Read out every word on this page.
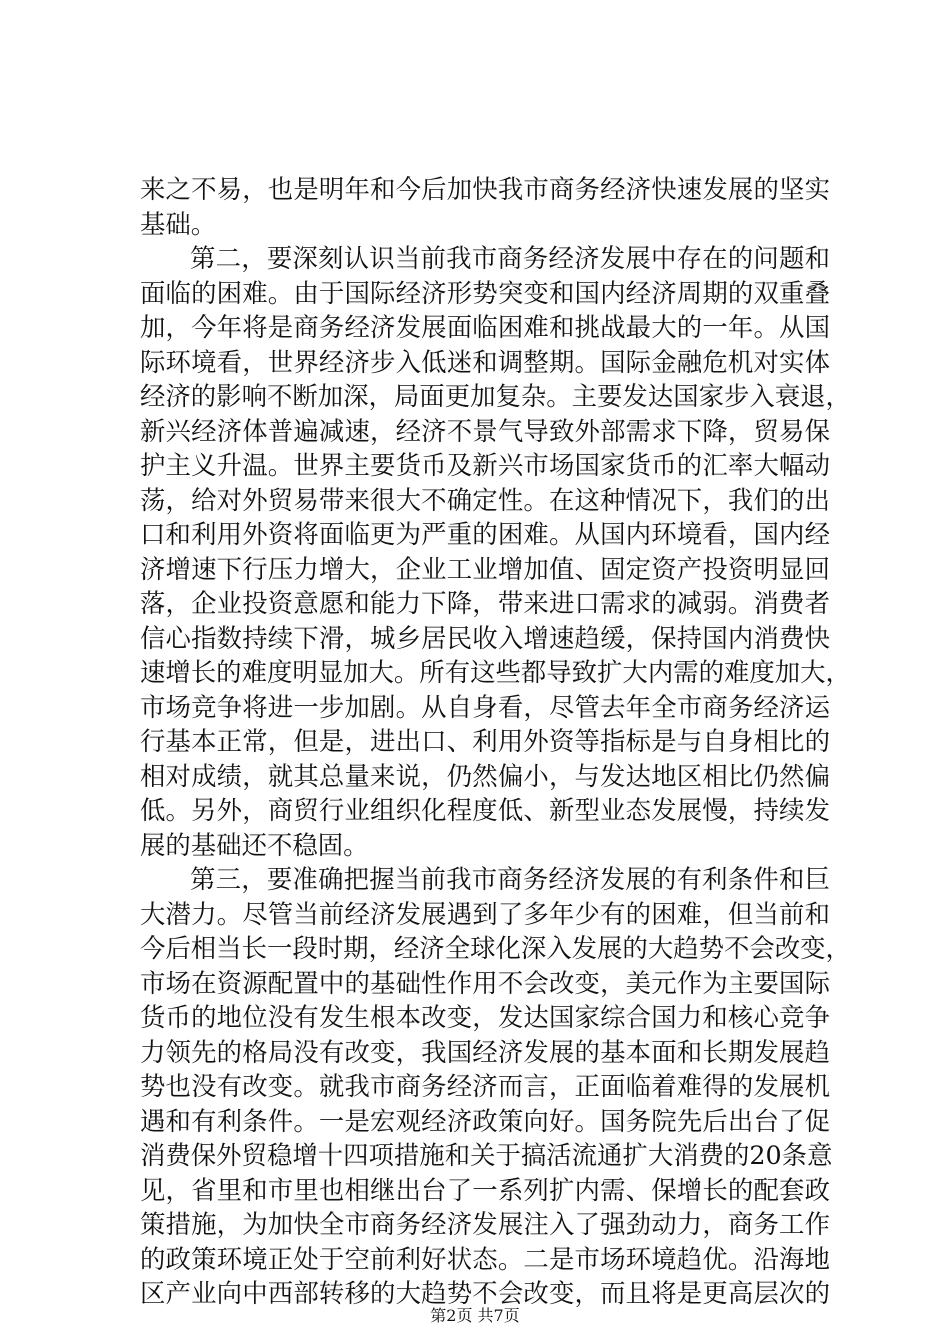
来之不易，也是明年和今后加快我市商务经济快速发展的坚实
基础。
第二，要深刻认识当前我市商务经济发展中存在的问题和
面临的困难。由于国际经济形势突变和国内经济周期的双重叠
加，今年将是商务经济发展面临困难和挑战最大的一年。从国
际环境看，世界经济步入低迷和调整期。国际金融危机对实体
经济的影响不断加深，局面更加复杂。主要发达国家步入衰退，
新兴经济体普遍减速，经济不景气导致外部需求下降，贸易保
护主义升温。世界主要货币及新兴市场国家货币的汇率大幅动
荡，给对外贸易带来很大不确定性。在这种情况下，我们的出
口和利用外资将面临更为严重的困难。从国内环境看，国内经
济增速下行压力增大，企业工业增加值、固定资产投资明显回
落，企业投资意愿和能力下降，带来进口需求的减弱。消费者
信心指数持续下滑，城乡居民收入增速趋缓，保持国内消费快
速增长的难度明显加大。所有这些都导致扩大内需的难度加大，
市场竞争将进一步加剧。从自身看，尽管去年全市商务经济运
行基本正常，但是，进出口、利用外资等指标是与自身相比的
相对成绩，就其总量来说，仍然偏小，与发达地区相比仍然偏
低。另外，商贸行业组织化程度低、新型业态发展慢，持续发
展的基础还不稳固。
第三，要准确把握当前我市商务经济发展的有利条件和巨
大潜力。尽管当前经济发展遇到了多年少有的困难，但当前和
今后相当长一段时期，经济全球化深入发展的大趋势不会改变，
市场在资源配置中的基础性作用不会改变，美元作为主要国际
货币的地位没有发生根本改变，发达国家综合国力和核心竞争
力领先的格局没有改变，我国经济发展的基本面和长期发展趋
势也没有改变。就我市商务经济而言，正面临着难得的发展机
遇和有利条件。一是宏观经济政策向好。国务院先后出台了促
消费保外贸稳增十四项措施和关于搞活流通扩大消费的20条意
见，省里和市里也相继出台了一系列扩内需、保增长的配套政
策措施，为加快全市商务经济发展注入了强劲动力，商务工作
的政策环境正处于空前利好状态。二是市场环境趋优。沿海地
区产业向中西部转移的大趋势不会改变，而且将是更高层次的
第2页 共7页
